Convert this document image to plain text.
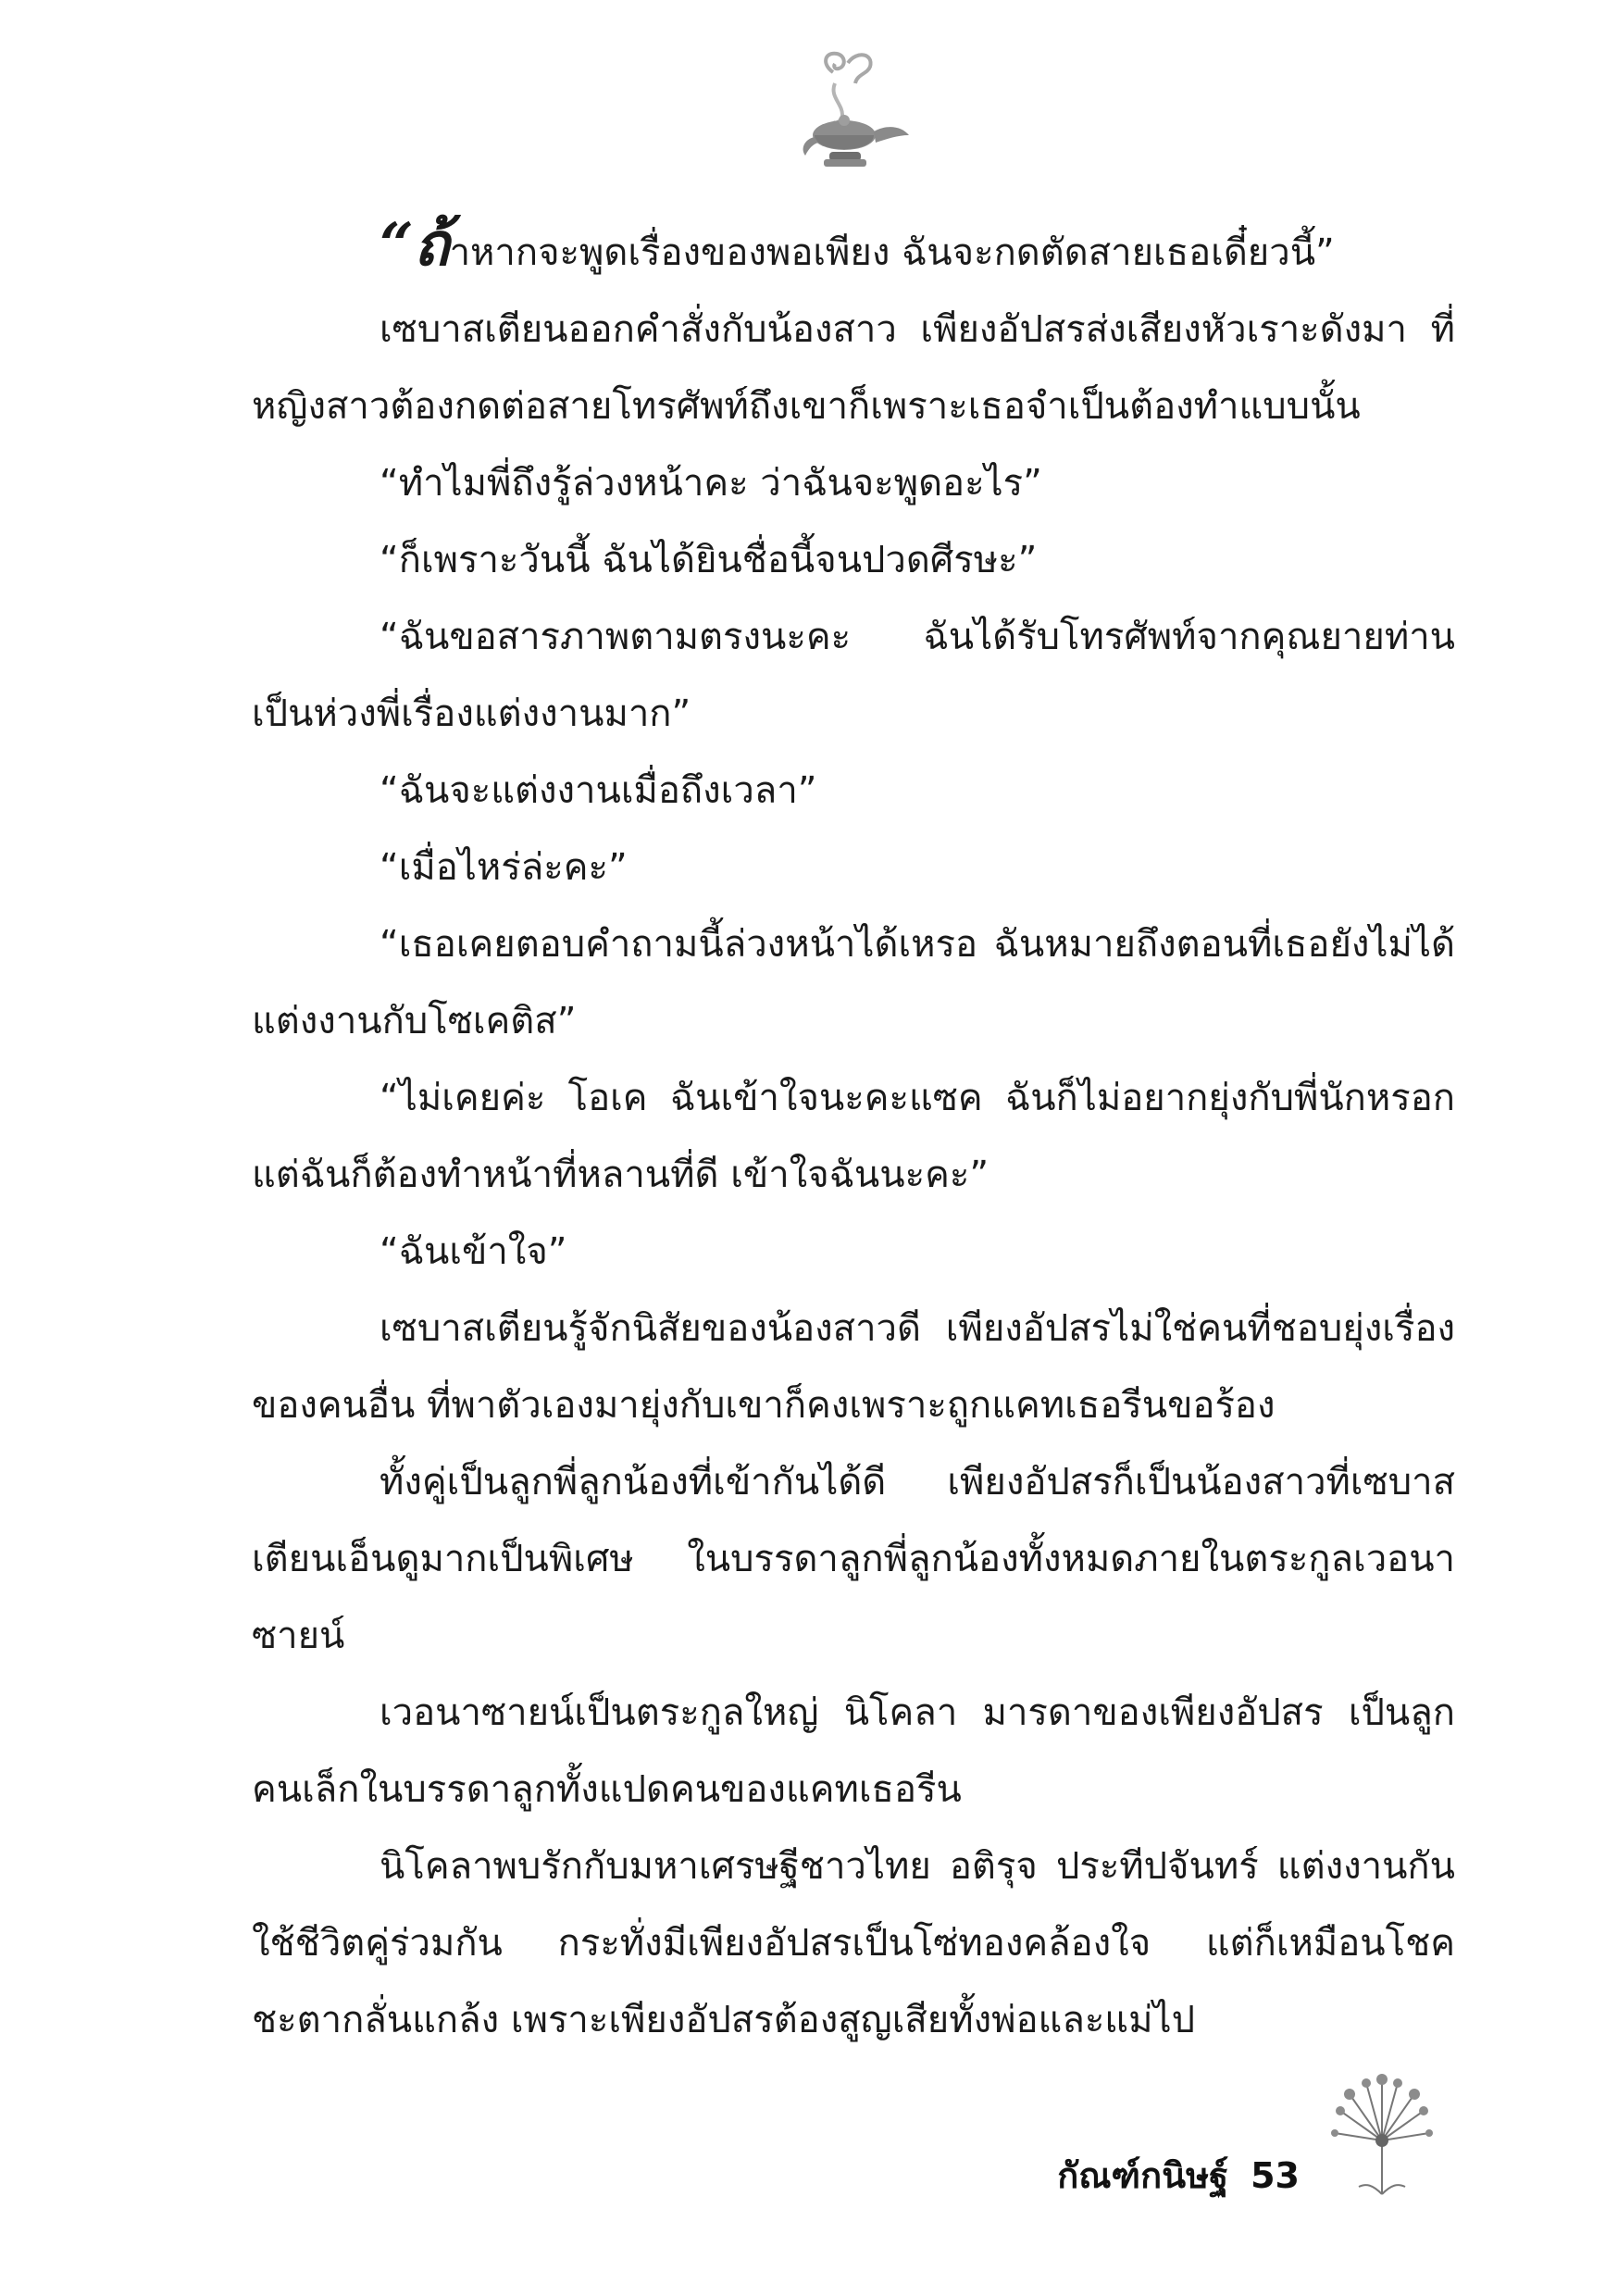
“ถ้าหากจะพูดเรื่องของพอเพียง ฉันจะกดตัดสายเธอเดี๋ยวนี้”

เซบาสเตียนออกคำสั่งกับน้องสาว เพียงอัปสรส่งเสียงหัวเราะดังมา ที่หญิงสาวต้องกดต่อสายโทรศัพท์ถึงเขาก็เพราะเธอจำเป็นต้องทำแบบนั้น

“ทำไมพี่ถึงรู้ล่วงหน้าคะ ว่าฉันจะพูดอะไร”

“ก็เพราะวันนี้ ฉันได้ยินชื่อนี้จนปวดศีรษะ”

“ฉันขอสารภาพตามตรงนะคะ ฉันได้รับโทรศัพท์จากคุณยายท่านเป็นห่วงพี่เรื่องแต่งงานมาก”

“ฉันจะแต่งงานเมื่อถึงเวลา”

“เมื่อไหร่ล่ะคะ”

“เธอเคยตอบคำถามนี้ล่วงหน้าได้เหรอ ฉันหมายถึงตอนที่เธอยังไม่ได้แต่งงานกับโซเคติส”

“ไม่เคยค่ะ โอเค ฉันเข้าใจนะคะแซค ฉันก็ไม่อยากยุ่งกับพี่นักหรอก แต่ฉันก็ต้องทำหน้าที่หลานที่ดี เข้าใจฉันนะคะ”

“ฉันเข้าใจ”

เซบาสเตียนรู้จักนิสัยของน้องสาวดี เพียงอัปสรไม่ใช่คนที่ชอบยุ่งเรื่องของคนอื่น ที่พาตัวเองมายุ่งกับเขาก็คงเพราะถูกแคทเธอรีนขอร้อง

ทั้งคู่เป็นลูกพี่ลูกน้องที่เข้ากันได้ดี เพียงอัปสรก็เป็นน้องสาวที่เซบาสเตียนเอ็นดูมากเป็นพิเศษ ในบรรดาลูกพี่ลูกน้องทั้งหมดภายในตระกูลเวอนาซายน์

เวอนาซายน์เป็นตระกูลใหญ่ นิโคลา มารดาของเพียงอัปสร เป็นลูกคนเล็กในบรรดาลูกทั้งแปดคนของแคทเธอรีน

นิโคลาพบรักกับมหาเศรษฐีชาวไทย อติรุจ ประทีปจันทร์ แต่งงานกัน ใช้ชีวิตคู่ร่วมกัน กระทั่งมีเพียงอัปสรเป็นโซ่ทองคล้องใจ แต่ก็เหมือนโชคชะตากลั่นแกล้ง เพราะเพียงอัปสรต้องสูญเสียทั้งพ่อและแม่ไป

กัณฑ์กนิษฐ์ 53
